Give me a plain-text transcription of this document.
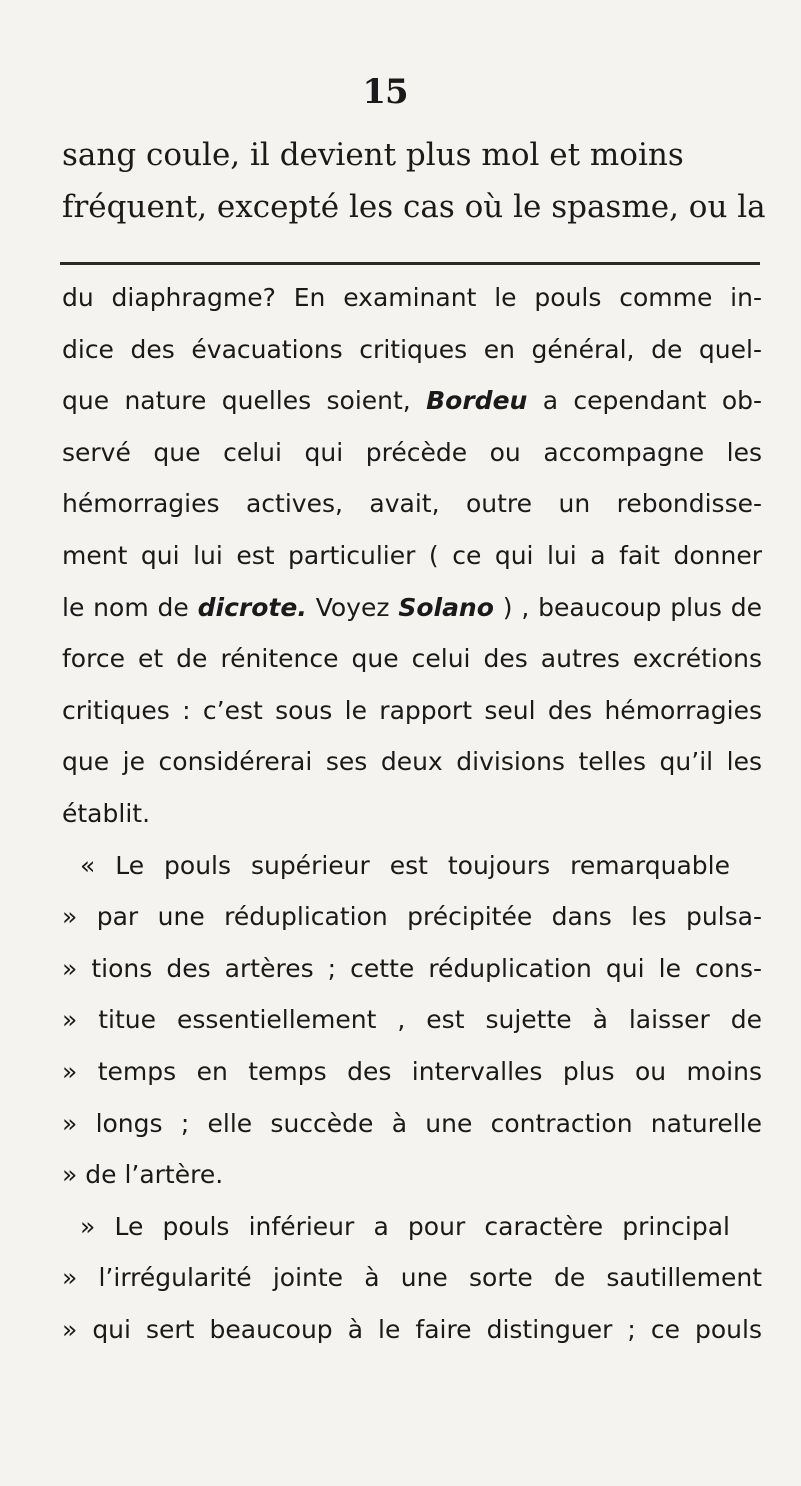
15
sang coule, il devient plus mol et moins
fréquent, excepté les cas où le spasme, ou la
du diaphragme? En examinant le pouls comme in-
dice des évacuations critiques en général, de quel-
que nature quelles soient, Bordeu a cependant ob-
servé que celui qui précède ou accompagne les
hémorragies actives, avait, outre un rebondisse-
ment qui lui est particulier ( ce qui lui a fait donner
le nom de dicrote. Voyez Solano ) , beaucoup plus de
force et de rénitence que celui des autres excrétions
critiques : c’est sous le rapport seul des hémorragies
que je considérerai ses deux divisions telles qu’il les
établit.
« Le pouls supérieur est toujours remarquable
» par une réduplication précipitée dans les pulsa-
» tions des artères ; cette réduplication qui le cons-
» titue essentiellement , est sujette à laisser de
» temps en temps des intervalles plus ou moins
» longs ; elle succède à une contraction naturelle
» de l’artère.
» Le pouls inférieur a pour caractère principal
» l’irrégularité jointe à une sorte de sautillement
» qui sert beaucoup à le faire distinguer ; ce pouls
